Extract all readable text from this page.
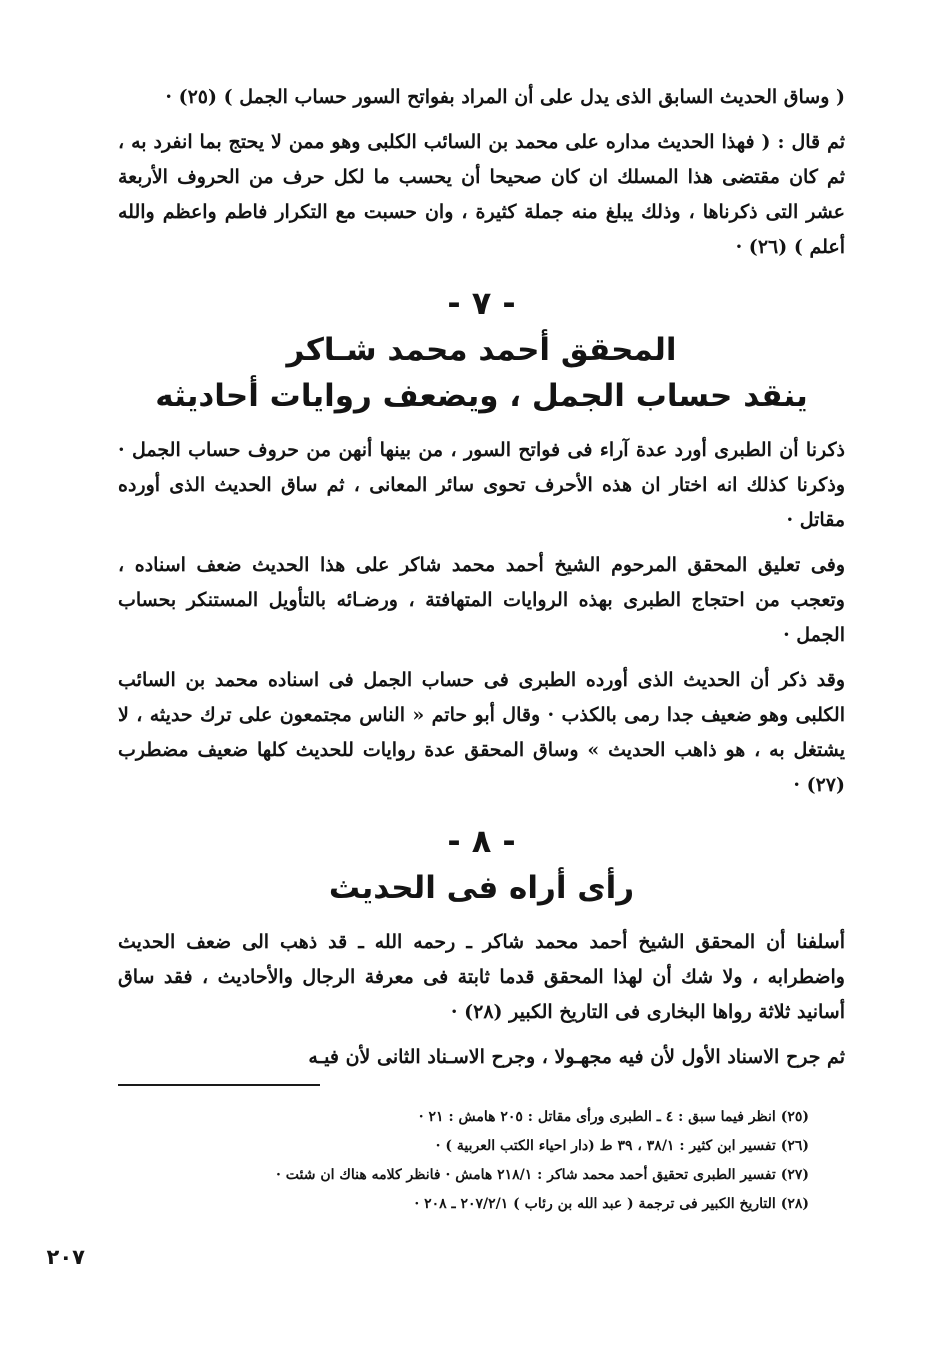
( وساق الحديث السابق الذى يدل على أن المراد بفواتح السور حساب الجمل ) (٢٥) ·

ثم قال : ( فهذا الحديث مداره على محمد بن السائب الكلبى وهو ممن لا يحتج بما انفرد به ، ثم كان مقتضى هذا المسلك ان كان صحيحا أن يحسب ما لكل حرف من الحروف الأربعة عشر التى ذكرناها ، وذلك يبلغ منه جملة كثيرة ، وان حسبت مع التكرار فاطم واعظم والله أعلم ) (٢٦) ·

- ٧ -
المحقق أحمد محمد شـاكر
ينقد حساب الجمل ، ويضعف روايات أحاديثه

ذكرنا أن الطبرى أورد عدة آراء فى فواتح السور ، من بينها أنهن من حروف حساب الجمل · وذكرنا كذلك انه اختار ان هذه الأحرف تحوى سائر المعانى ، ثم ساق الحديث الذى أورده مقاتل ·

وفى تعليق المحقق المرحوم الشيخ أحمد محمد شاكر على هذا الحديث ضعف اسناده ، وتعجب من احتجاج الطبرى بهذه الروايات المتهافتة ، ورضـائه بالتأويل المستنكر بحساب الجمل ·

وقد ذكر أن الحديث الذى أورده الطبرى فى حساب الجمل فى اسناده محمد بن السائب الكلبى وهو ضعيف جدا رمى بالكذب · وقال أبو حاتم « الناس مجتمعون على ترك حديثه ، لا يشتغل به ، هو ذاهب الحديث » وساق المحقق عدة روايات للحديث كلها ضعيف مضطرب (٢٧) ·

- ٨ -
رأى أراه فى الحديث

أسلفنا أن المحقق الشيخ أحمد محمد شاكر ـ رحمه الله ـ قد ذهب الى ضعف الحديث واضطرابه ، ولا شك أن لهذا المحقق قدما ثابتة فى معرفة الرجال والأحاديث ، فقد ساق أسانيد ثلاثة رواها البخارى فى التاريخ الكبير (٢٨) ·

ثم جرح الاسناد الأول لأن فيه مجهـولا ، وجرح الاسـناد الثانى لأن فيـه

(٢٥) انظر فيما سبق : ٤ ـ الطبرى ورأى مقاتل : ٢٠٥ هامش : ٢١ ·

(٢٦) تفسير ابن كثير : ٣٨/١ ، ٣٩ ط (دار احياء الكتب العربية ) ·

(٢٧) تفسير الطبرى تحقيق أحمد محمد شاكر : ٢١٨/١ هامش · فانظر كلامه هناك ان شئت ·

(٢٨) التاريخ الكبير فى ترجمة ( عبد الله بن رئاب ) ٢٠٧/٢/١ ـ ٢٠٨ ·

٢٠٧
